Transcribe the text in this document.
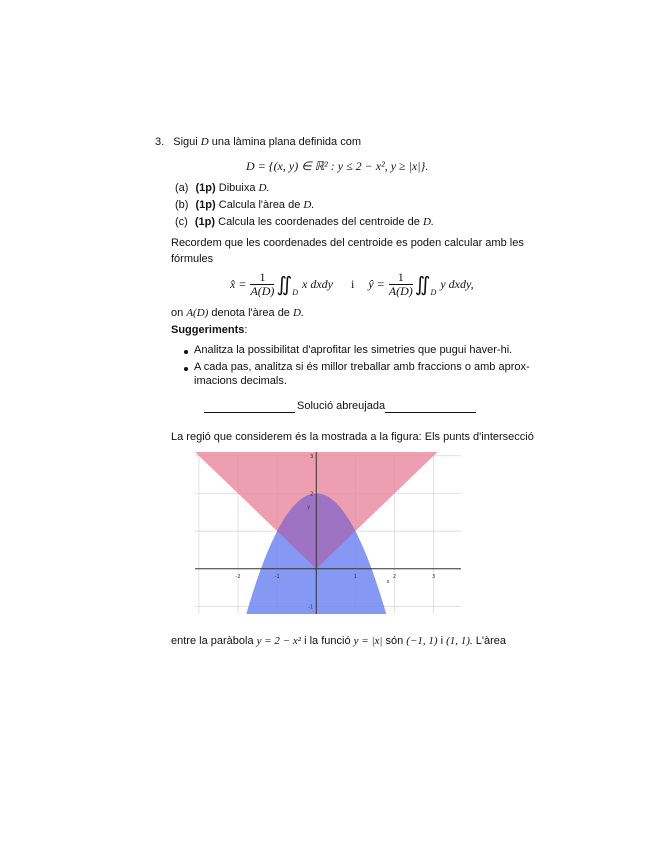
3. Sigui D una làmina plana definida com
D = {(x, y) ∈ ℝ² : y ≤ 2 − x², y ≥ |x|}.
(a) (1p) Dibuixa D.
(b) (1p) Calcula l'àrea de D.
(c) (1p) Calcula les coordenades del centroide de D.
Recordem que les coordenades del centroide es poden calcular amb les
fórmules
x̂ = $\frac{1}{A(D)}$ ∬ D
x dxdy i ŷ = $\frac{1}{A(D)}$ ∬ D
y dxdy,
on A(D) denota l'àrea de D.
Suggeriments:
Analitza la possibilitat d'aprofitar les simetries que pugui haver-hi.
A cada pas, analitza si és millor treballar amb fraccions o amb aprox-
imacions decimals.
Solució abreujada
La regió que considerem és la mostrada a la figura: Els punts d'intersecció
-2	-1	1	2	3
3
2
-1
x
y
entre la paràbola y = 2 − x² i la funció y = |x| són (−1, 1) i (1, 1). L'àrea
